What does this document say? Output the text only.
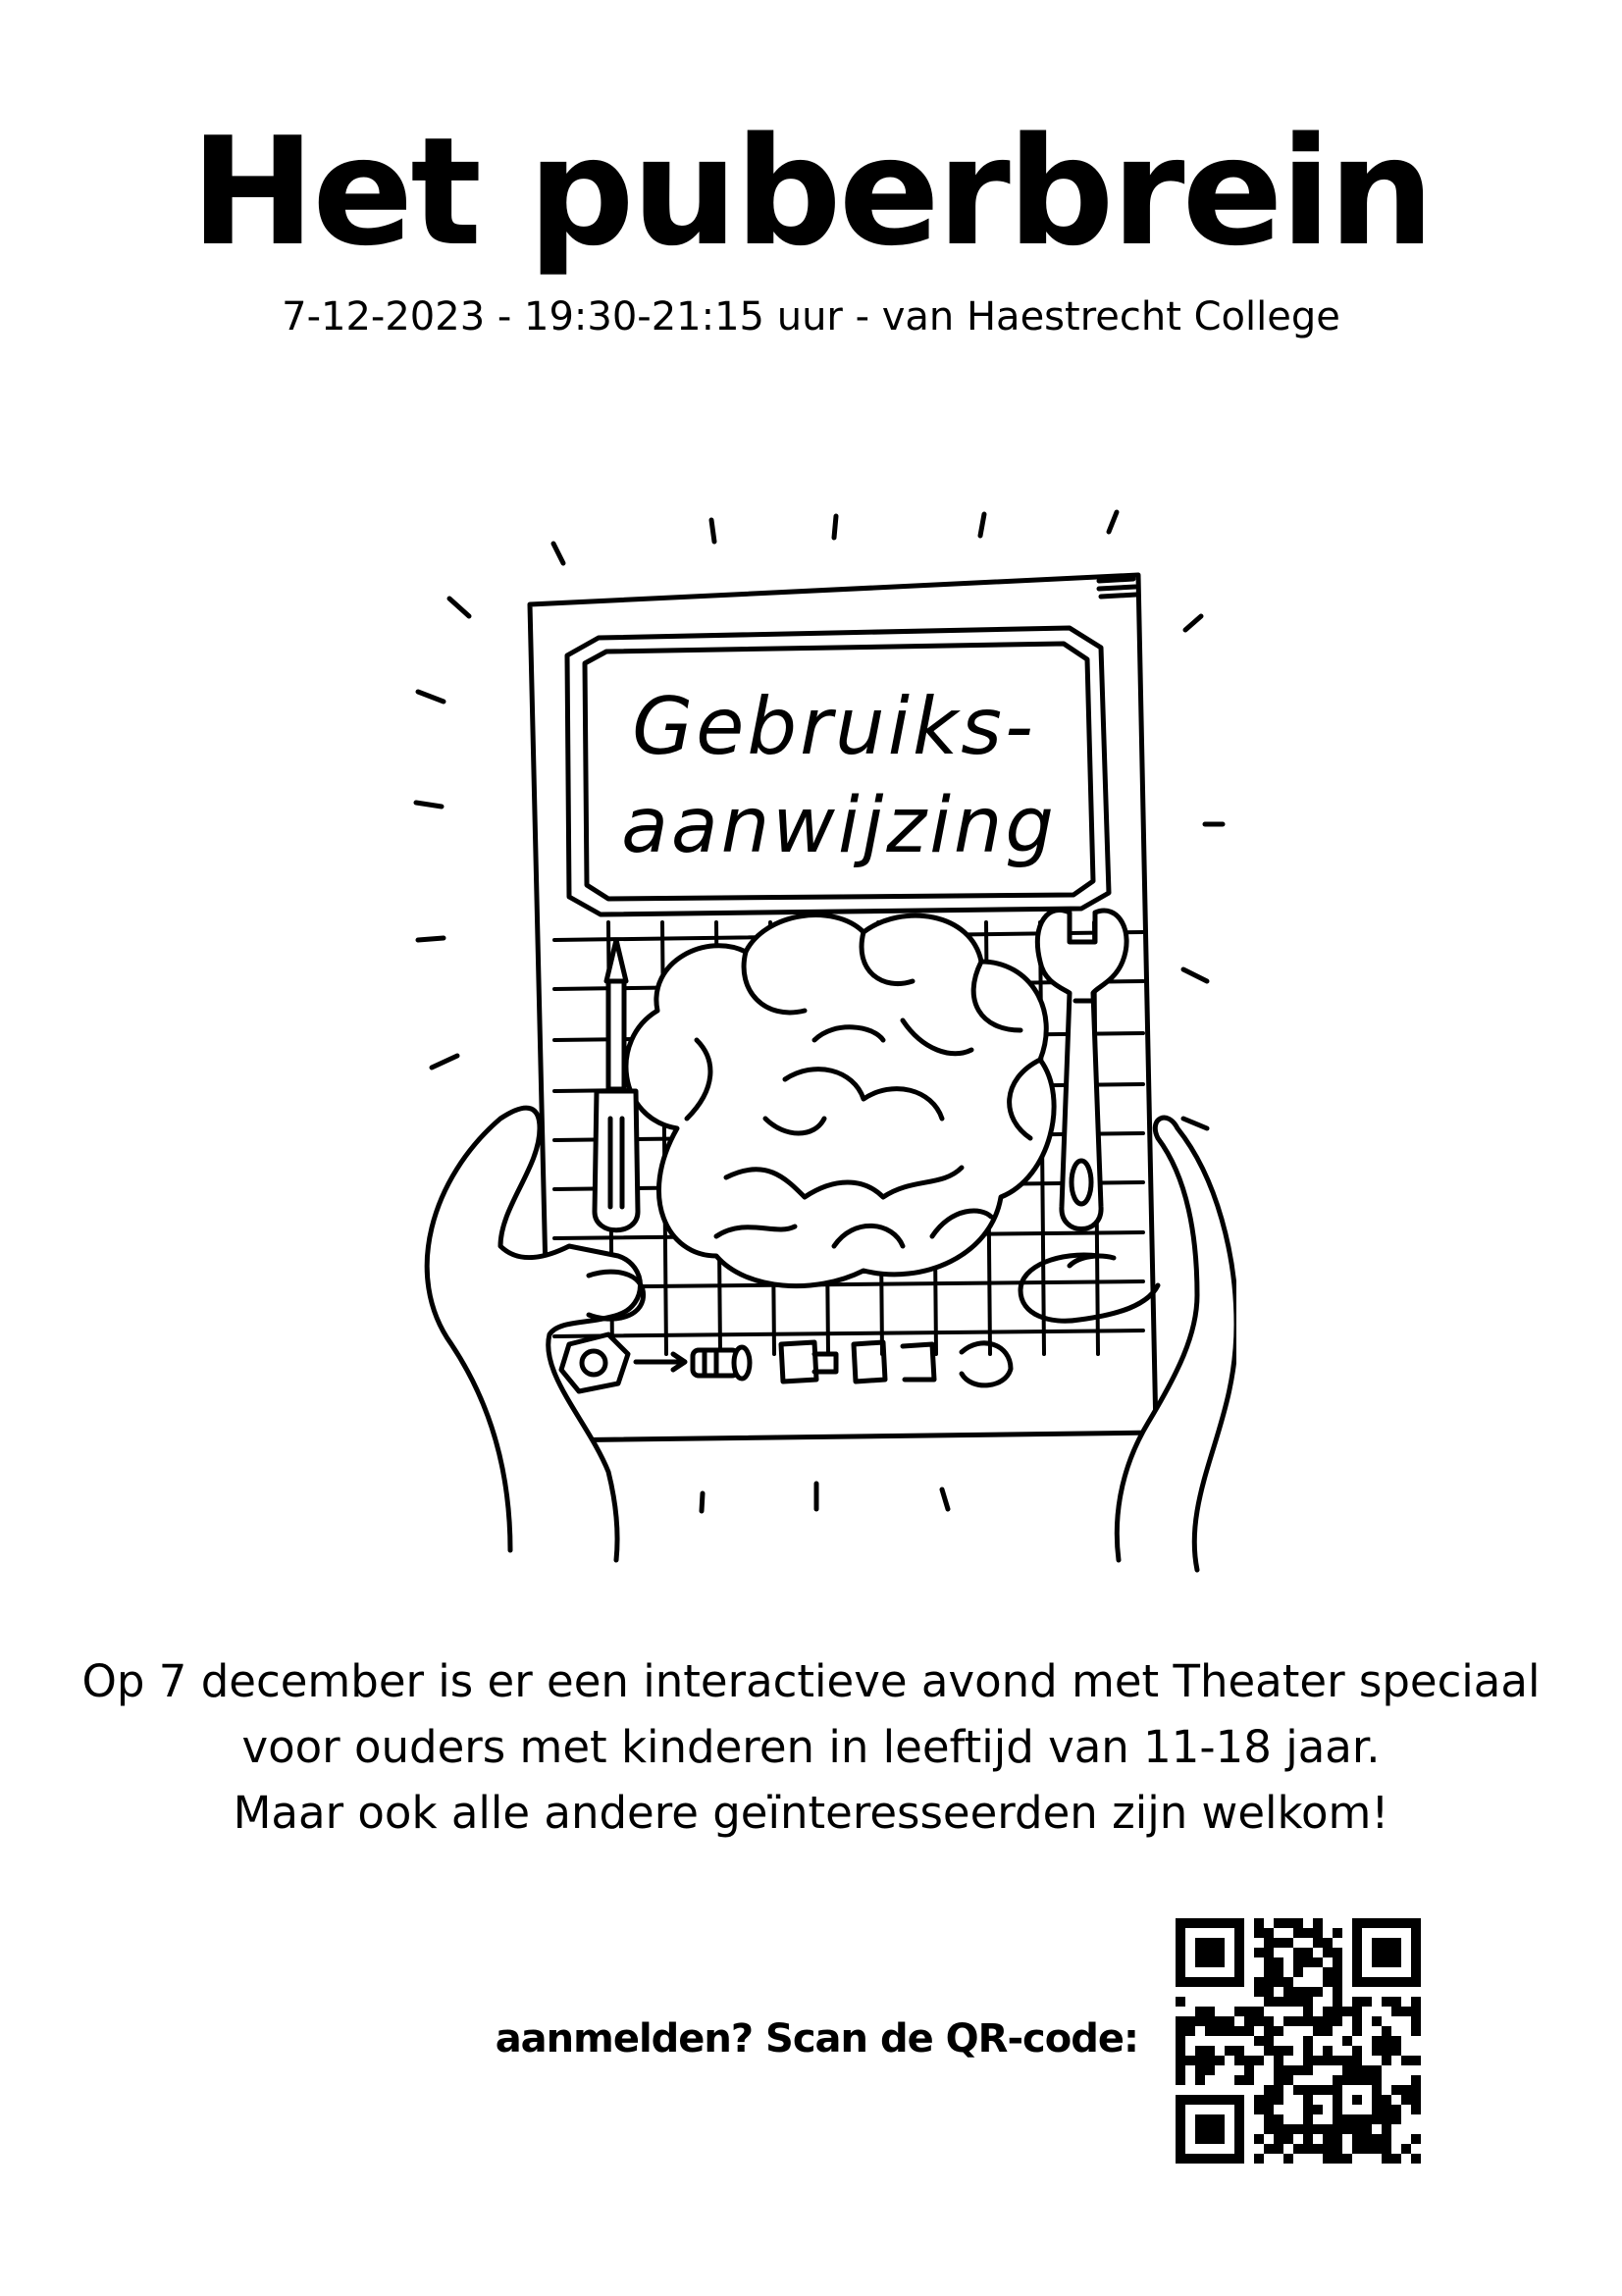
Het puberbrein
7-12-2023 - 19:30-21:15 uur - van Haestrecht College
Gebruiks-
aanwijzing
Op 7 december is er een interactieve avond met Theater speciaal
voor ouders met kinderen in leeftijd van 11-18 jaar.
Maar ook alle andere geïnteresseerden zijn welkom!
aanmelden? Scan de QR-code:
